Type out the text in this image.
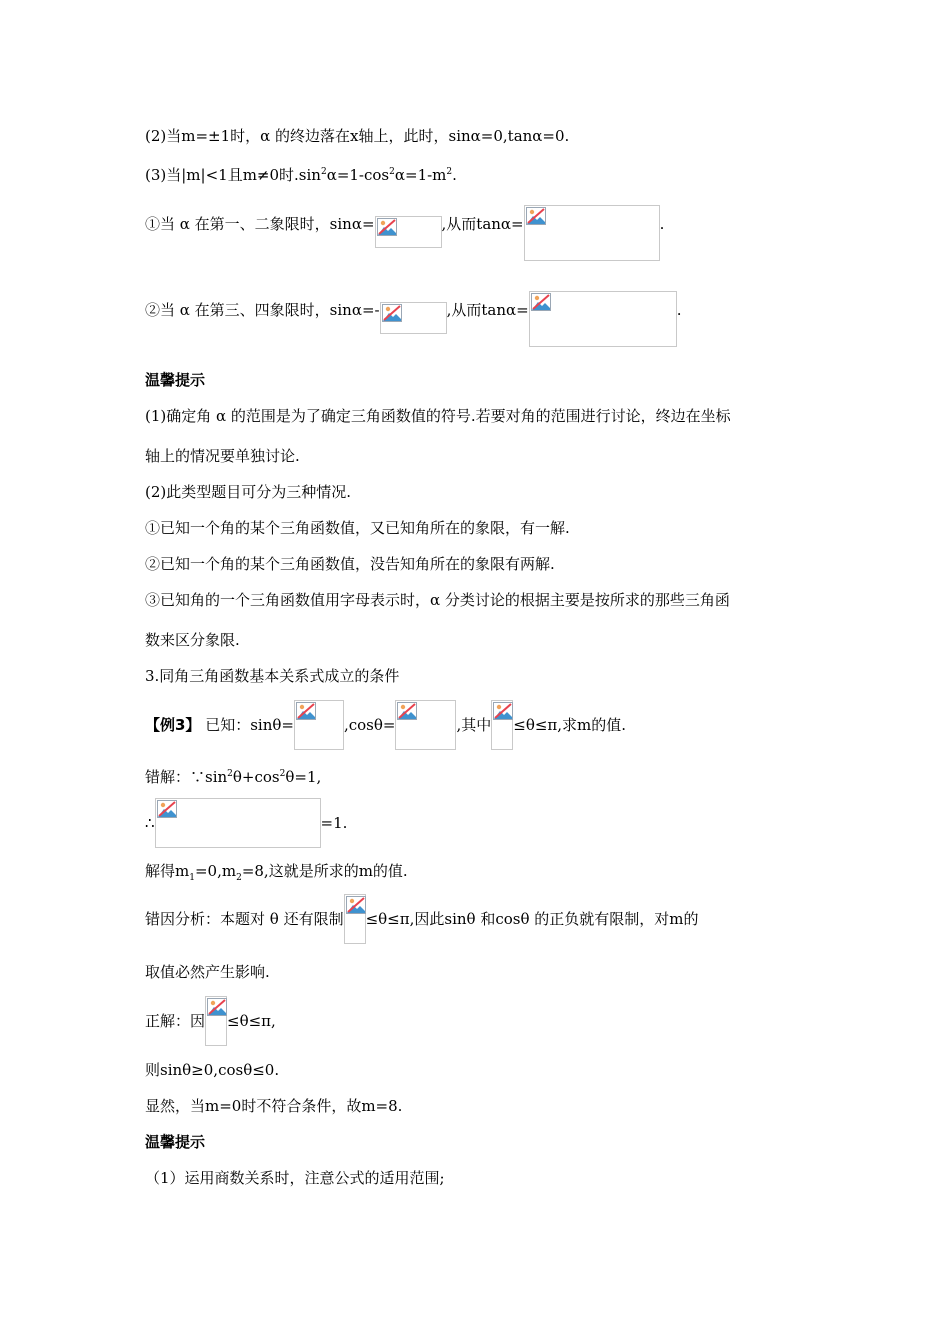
(2)当m=±1时，α 的终边落在x轴上，此时，sinα=0,tanα=0.
(3)当|m|<1且m≠0时$.\sin^2\alpha=1-\cos^2\alpha=1-m^2$.
①当 α 在第一、二象限时，sinα=	,从而tanα=	.
②当 α 在第三、四象限时，sinα=-	,从而tanα=	.
温馨提示
(1)确定角 α 的范围是为了确定三角函数值的符号.若要对角的范围进行讨论，终边在坐标
轴上的情况要单独讨论.
(2)此类型题目可分为三种情况.
①已知一个角的某个三角函数值，又已知角所在的象限，有一解.
②已知一个角的某个三角函数值，没告知角所在的象限有两解.
③已知角的一个三角函数值用字母表示时，α 分类讨论的根据主要是按所求的那些三角函
数来区分象限.
3.同角三角函数基本关系式成立的条件
【例3】 已知：sinθ=	,cosθ=	,其中 ≤θ≤π,求m的值.
错解：$\because\sin^2\theta+\cos^2\theta=1$,
∴	=1.
解得$m_1=0,m_2=8$,这就是所求的m的值.
错因分析：本题对 θ 还有限制 ≤θ≤π,因此sinθ 和cosθ 的正负就有限制，对m的
取值必然产生影响.
正解：因 ≤θ≤π,
则sinθ≥0,cosθ≤0.
显然，当m=0时不符合条件，故m=8.
温馨提示
（1）运用商数关系时，注意公式的适用范围;
